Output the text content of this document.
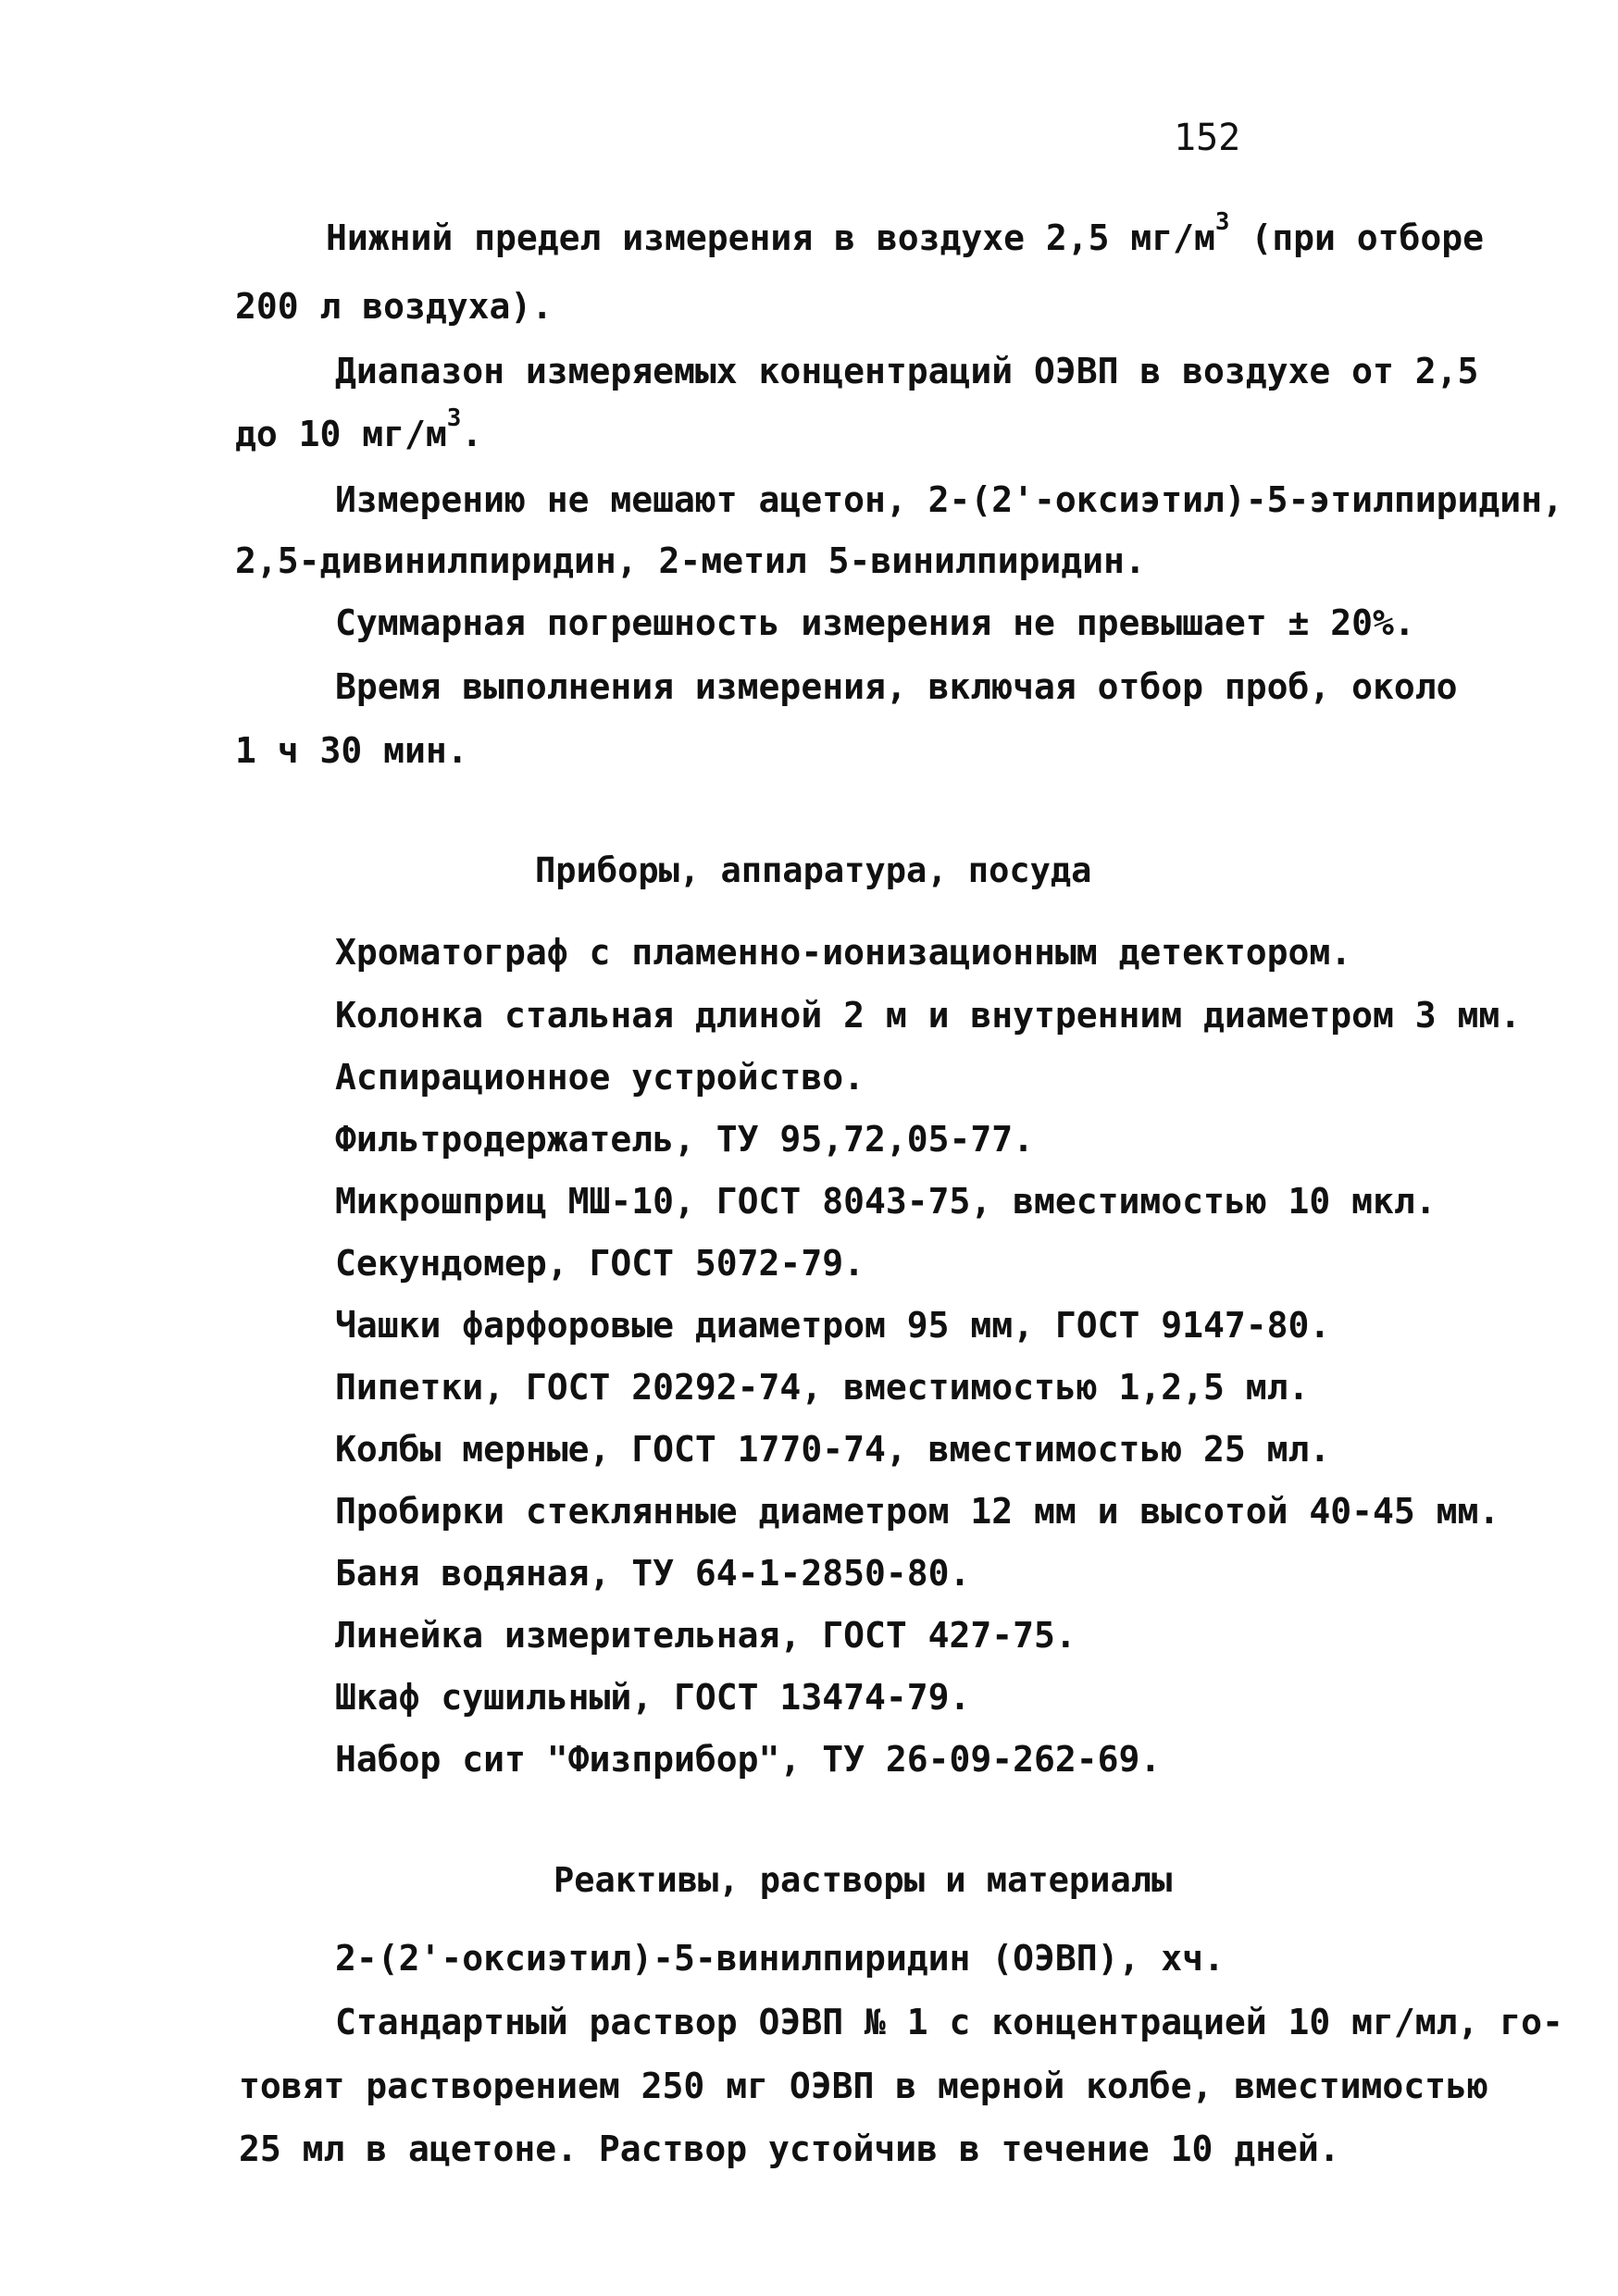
152
Нижний предел измерения в воздухе 2,5 $мг/м^3$ (при отборе
200 л воздуха).
Диапазон измеряемых концентраций ОЭВП в воздухе от 2,5
до 10 $мг/м^3$.
Измерению не мешают ацетон, 2-(2'-оксиэтил)-5-этилпиридин,
2,5-дивинилпиридин, 2-метил 5-винилпиридин.
Суммарная погрешность измерения не превышает ± 20%.
Время выполнения измерения, включая отбор проб, около
1 ч 30 мин.
Приборы, аппаратура, посуда
Хроматограф с пламенно-ионизационным детектором.
Колонка стальная длиной 2 м и внутренним диаметром 3 мм.
Аспирационное устройство.
Фильтродержатель, ТУ 95,72,05-77.
Микрошприц МШ-10, ГОСТ 8043-75, вместимостью 10 мкл.
Секундомер, ГОСТ 5072-79.
Чашки фарфоровые диаметром 95 мм, ГОСТ 9147-80.
Пипетки, ГОСТ 20292-74, вместимостью 1,2,5 мл.
Колбы мерные, ГОСТ 1770-74, вместимостью 25 мл.
Пробирки стеклянные диаметром 12 мм и высотой 40-45 мм.
Баня водяная, ТУ 64-1-2850-80.
Линейка измерительная, ГОСТ 427-75.
Шкаф сушильный, ГОСТ 13474-79.
Набор сит "Физприбор", ТУ 26-09-262-69.
Реактивы, растворы и материалы
2-(2'-оксиэтил)-5-винилпиридин (ОЭВП), хч.
Стандартный раствор ОЭВП № 1 с концентрацией 10 мг/мл, го-
товят растворением 250 мг ОЭВП в мерной колбе, вместимостью
25 мл в ацетоне. Раствор устойчив в течение 10 дней.
